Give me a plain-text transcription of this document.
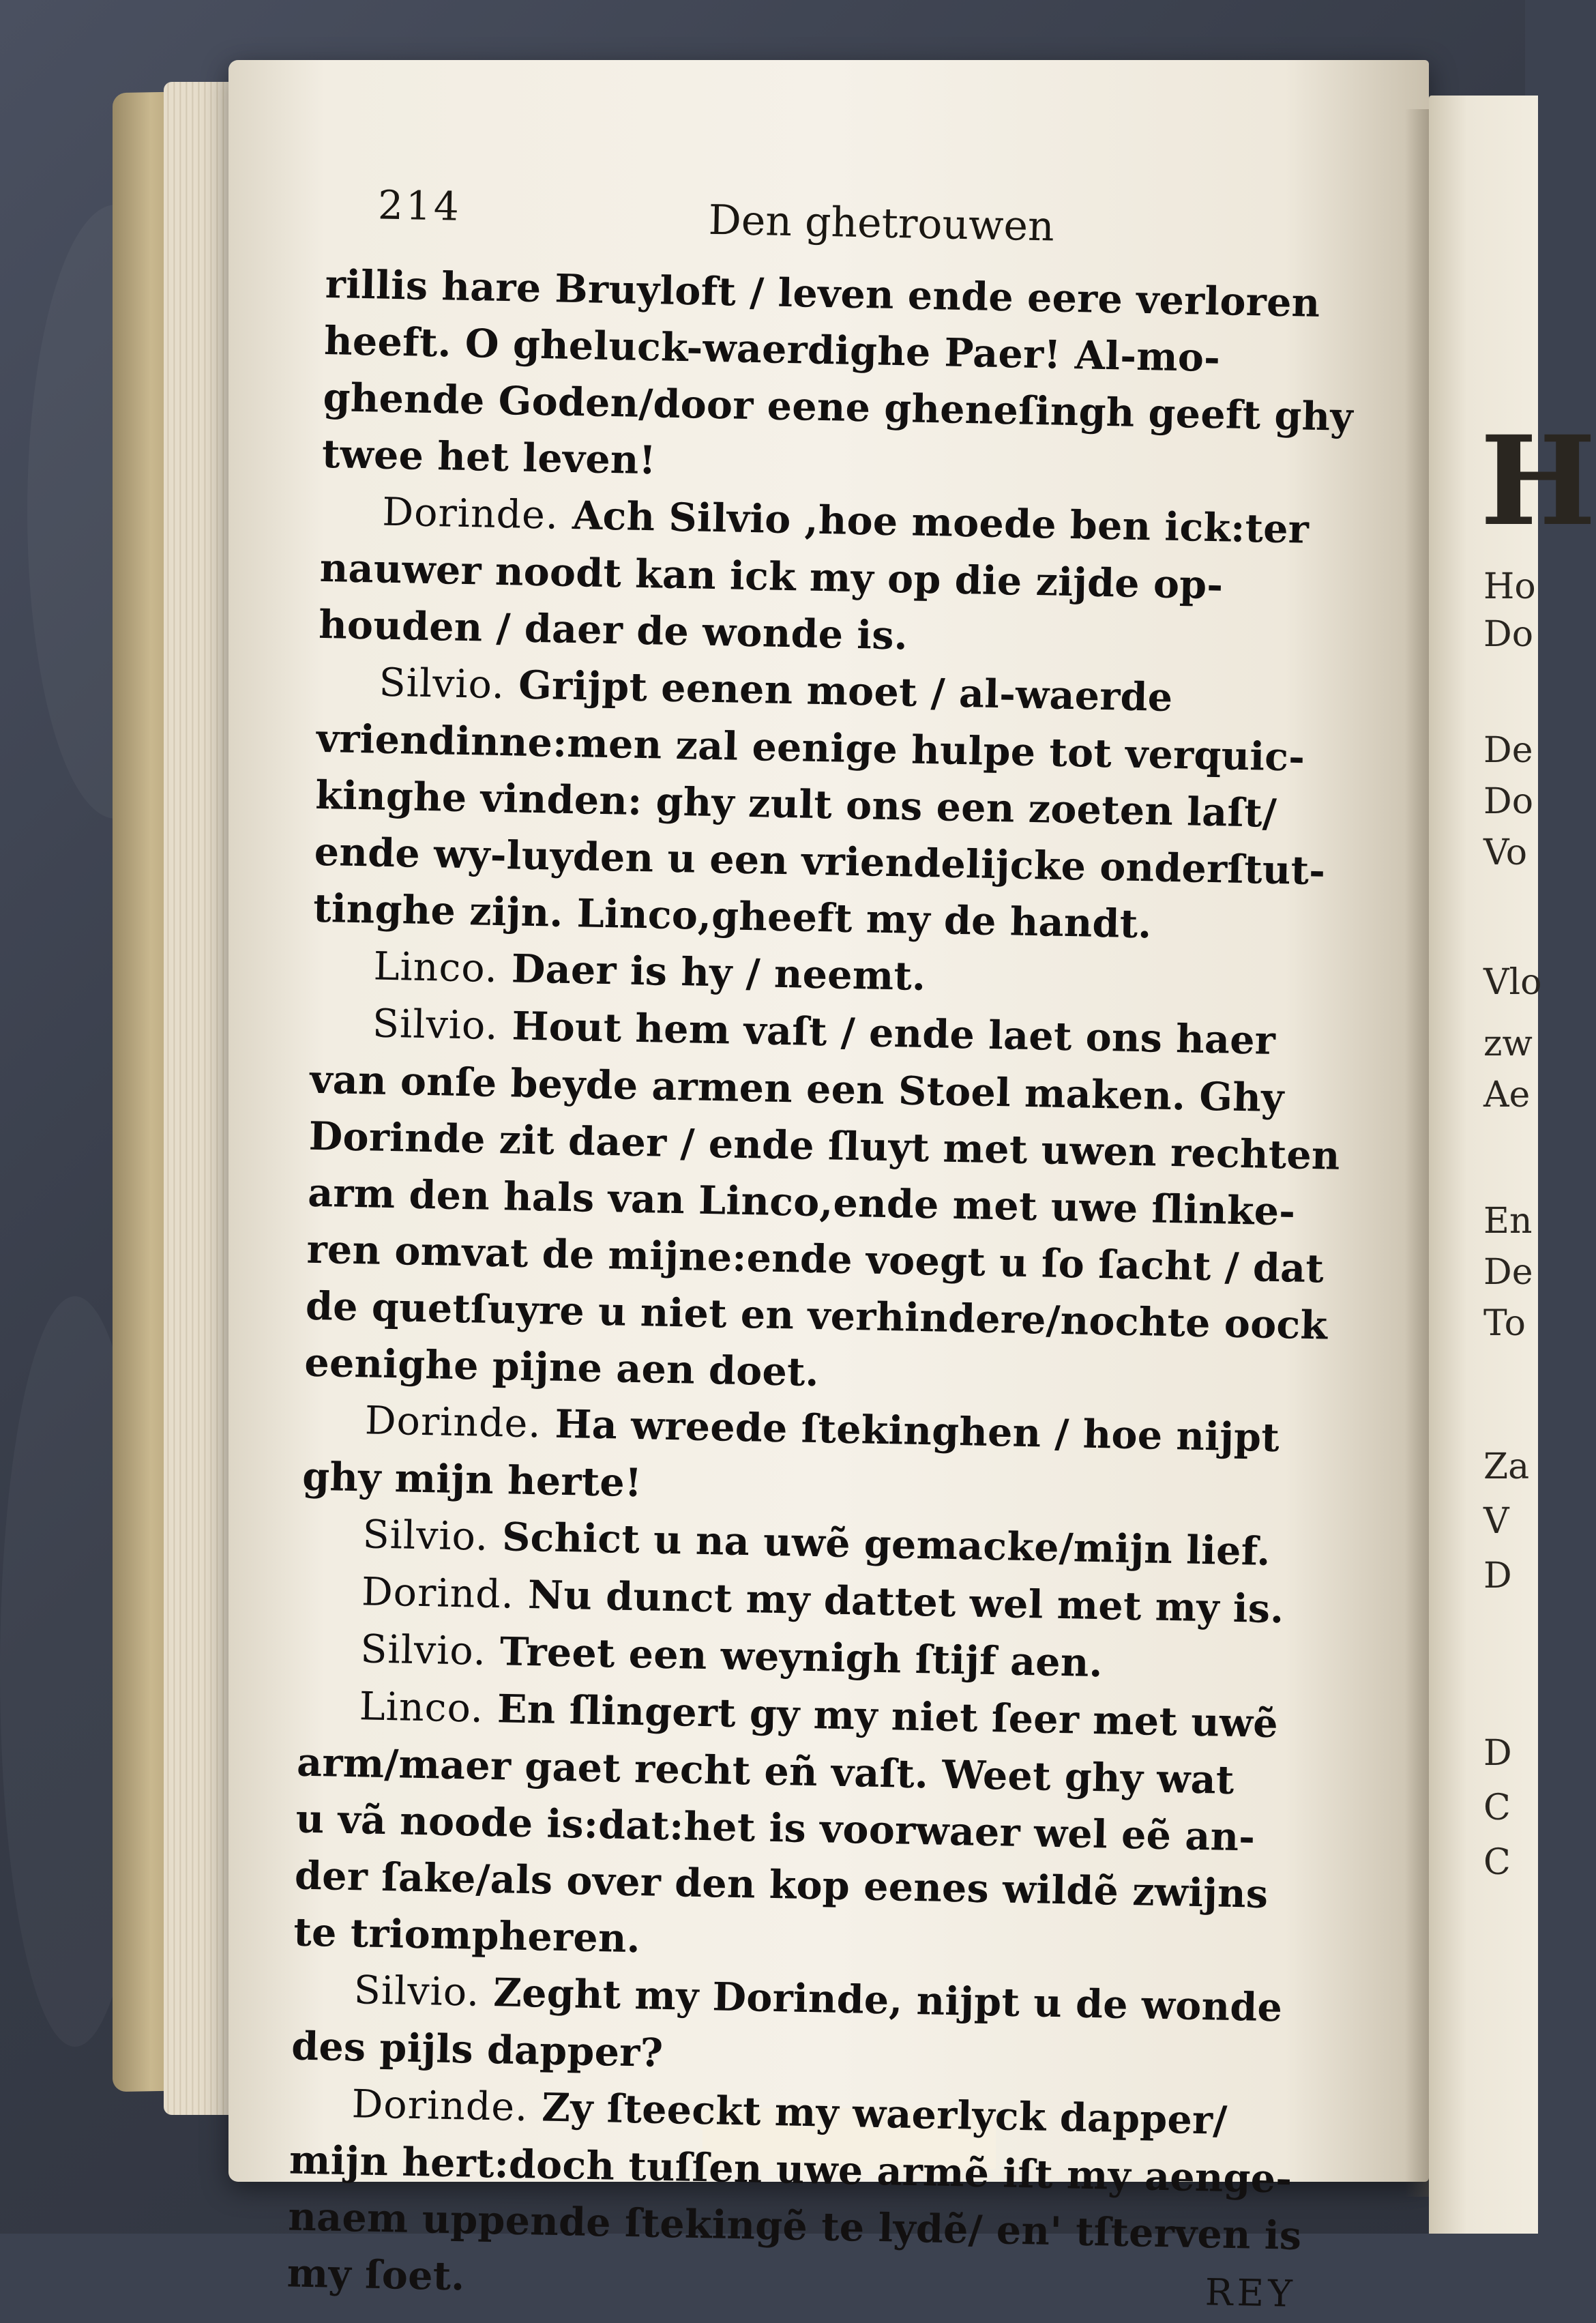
H
Ho
Do
De
Do
Vo
Vlo
zw
Ae
En
De
To
Za
V
D
D
C
C
214	Den ghetrouwen
rillis hare Bruyloft / leven ende eere verloren
heeft. O gheluck-waerdighe Paer! Al-mo-
ghende Goden/door eene gheneſingh geeft ghy
twee het leven!
Dorinde. Ach Silvio ,hoe moede ben ick:ter
nauwer noodt kan ick my op die zijde op-
houden / daer de wonde is.
Silvio. Grijpt eenen moet / al-waerde
vriendinne:men zal eenige hulpe tot verquic-
kinghe vinden: ghy zult ons een zoeten laſt/
ende wy-luyden u een vriendelijcke onderſtut-
tinghe zijn. Linco,gheeft my de handt.
Linco. Daer is hy / neemt.
Silvio. Hout hem vaſt / ende laet ons haer
van onſe beyde armen een Stoel maken. Ghy
Dorinde zit daer / ende ſluyt met uwen rechten
arm den hals van Linco,ende met uwe ſlinke-
ren omvat de mijne:ende voegt u ſo ſacht / dat
de quetſuyre u niet en verhindere/nochte oock
eenighe pijne aen doet.
Dorinde. Ha wreede ſtekinghen / hoe nijpt
ghy mijn herte!
Silvio. Schict u na uwẽ gemacke/mijn lief.
Dorind. Nu dunct my dattet wel met my is.
Silvio. Treet een weynigh ſtijf aen.
Linco. En ſlingert gy my niet ſeer met uwẽ
arm/maer gaet recht eñ vaſt. Weet ghy wat
u vã noode is:dat:het is voorwaer wel eẽ an-
der ſake/als over den kop eenes wildẽ zwijns
te triompheren.
Silvio. Zeght my Dorinde, nijpt u de wonde
des pijls dapper?
Dorinde. Zy ſteeckt my waerlyck dapper/
mijn hert:doch tuſſen uwe armẽ iſt my aenge-
naem uppende ſtekingẽ te lydẽ/ en' tſterven is
my ſoet.	REY
